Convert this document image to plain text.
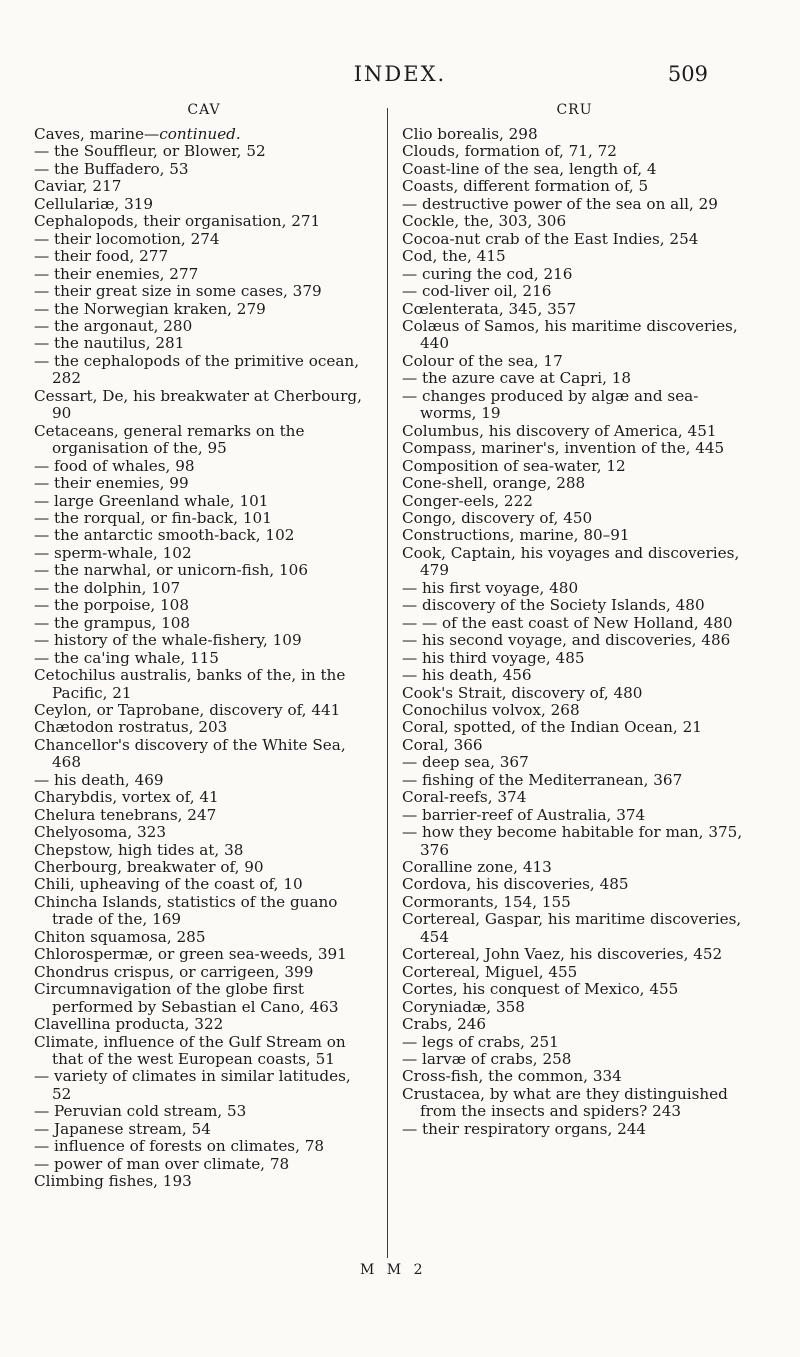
INDEX.	509
CAV

Caves, marine—continued.

— the Souffleur, or Blower, 52

— the Buffadero, 53

Caviar, 217

Cellulariæ, 319

Cephalopods, their organisation, 271

— their locomotion, 274

— their food, 277

— their enemies, 277

— their great size in some cases, 379

— the Norwegian kraken, 279

— the argonaut, 280

— the nautilus, 281

— the cephalopods of the primitive ocean, 282

Cessart, De, his breakwater at Cherbourg, 90

Cetaceans, general remarks on the organisation of the, 95

— food of whales, 98

— their enemies, 99

— large Greenland whale, 101

— the rorqual, or fin-back, 101

— the antarctic smooth-back, 102

— sperm-whale, 102

— the narwhal, or unicorn-fish, 106

— the dolphin, 107

— the porpoise, 108

— the grampus, 108

— history of the whale-fishery, 109

— the ca'ing whale, 115

Cetochilus australis, banks of the, in the Pacific, 21

Ceylon, or Taprobane, discovery of, 441

Chætodon rostratus, 203

Chancellor's discovery of the White Sea, 468

— his death, 469

Charybdis, vortex of, 41

Chelura tenebrans, 247

Chelyosoma, 323

Chepstow, high tides at, 38

Cherbourg, breakwater of, 90

Chili, upheaving of the coast of, 10

Chincha Islands, statistics of the guano trade of the, 169

Chiton squamosa, 285

Chlorospermæ, or green sea-weeds, 391

Chondrus crispus, or carrigeen, 399

Circumnavigation of the globe first performed by Sebastian el Cano, 463

Clavellina producta, 322

Climate, influence of the Gulf Stream on that of the west European coasts, 51

— variety of climates in similar latitudes, 52

— Peruvian cold stream, 53

— Japanese stream, 54

— influence of forests on climates, 78

— power of man over climate, 78

Climbing fishes, 193

CRU

Clio borealis, 298

Clouds, formation of, 71, 72

Coast-line of the sea, length of, 4

Coasts, different formation of, 5

— destructive power of the sea on all, 29

Cockle, the, 303, 306

Cocoa-nut crab of the East Indies, 254

Cod, the, 415

— curing the cod, 216

— cod-liver oil, 216

Cœlenterata, 345, 357

Colæus of Samos, his maritime discoveries, 440

Colour of the sea, 17

— the azure cave at Capri, 18

— changes produced by algæ and sea-worms, 19

Columbus, his discovery of America, 451

Compass, mariner's, invention of the, 445

Composition of sea-water, 12

Cone-shell, orange, 288

Conger-eels, 222

Congo, discovery of, 450

Constructions, marine, 80–91

Cook, Captain, his voyages and discoveries, 479

— his first voyage, 480

— discovery of the Society Islands, 480

— — of the east coast of New Holland, 480

— his second voyage, and discoveries, 486

— his third voyage, 485

— his death, 456

Cook's Strait, discovery of, 480

Conochilus volvox, 268

Coral, spotted, of the Indian Ocean, 21

Coral, 366

— deep sea, 367

— fishing of the Mediterranean, 367

Coral-reefs, 374

— barrier-reef of Australia, 374

— how they become habitable for man, 375, 376

Coralline zone, 413

Cordova, his discoveries, 485

Cormorants, 154, 155

Cortereal, Gaspar, his maritime discoveries, 454

Cortereal, John Vaez, his discoveries, 452

Cortereal, Miguel, 455

Cortes, his conquest of Mexico, 455

Coryniadæ, 358

Crabs, 246

— legs of crabs, 251

— larvæ of crabs, 258

Cross-fish, the common, 334

Crustacea, by what are they distinguished from the insects and spiders? 243

— their respiratory organs, 244

M M 2
